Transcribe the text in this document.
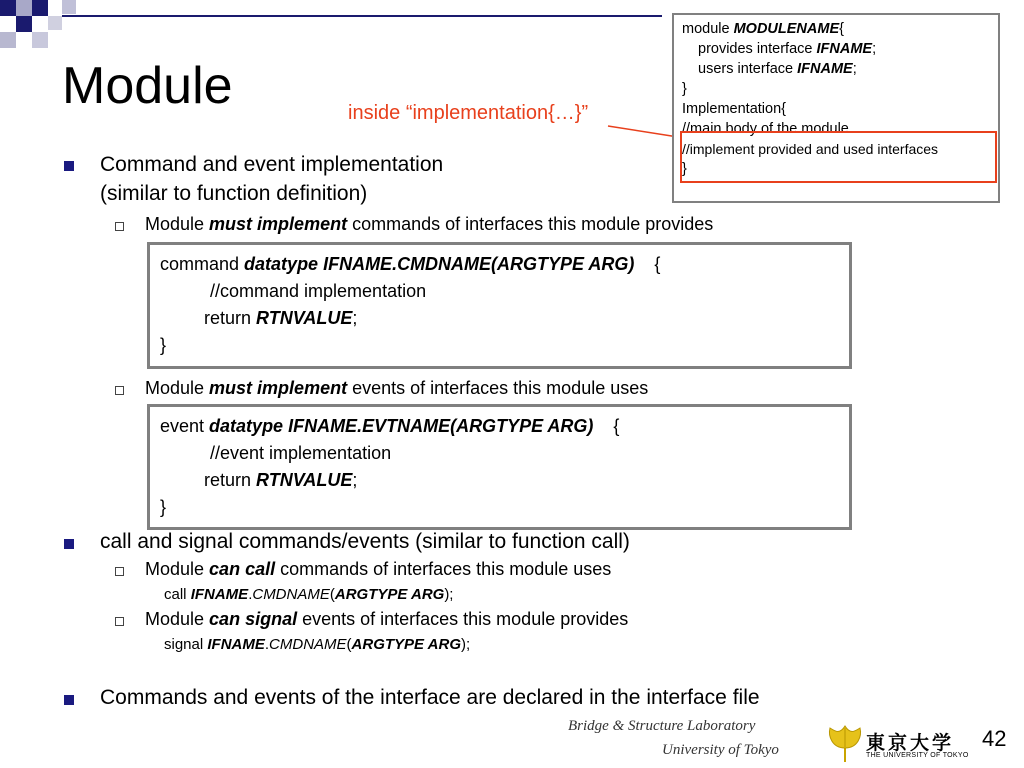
Module	inside “implementation{…}”
module MODULENAME{
provides interface IFNAME;
users interface IFNAME;
}
Implementation{
//main body of the module
//implement provided and used interfaces
}
Command and event implementation
(similar to function definition)
Module must implement commands of interfaces this module provides
command datatype IFNAME.CMDNAME(ARGTYPE ARG)    {
//command implementation
return RTNVALUE;
}
Module must implement events of interfaces this module uses
event datatype IFNAME.EVTNAME(ARGTYPE ARG)    {
//event implementation
return RTNVALUE;
}
call and signal commands/events (similar to function call)
Module can call commands of interfaces this module uses
call IFNAME.CMDNAME(ARGTYPE ARG);
Module can signal events of interfaces this module provides
signal IFNAME.CMDNAME(ARGTYPE ARG);
Commands and events of the interface are declared in the interface file
Bridge & Structure Laboratory
University of Tokyo	東京大学
THE UNIVERSITY OF TOKYO
42
